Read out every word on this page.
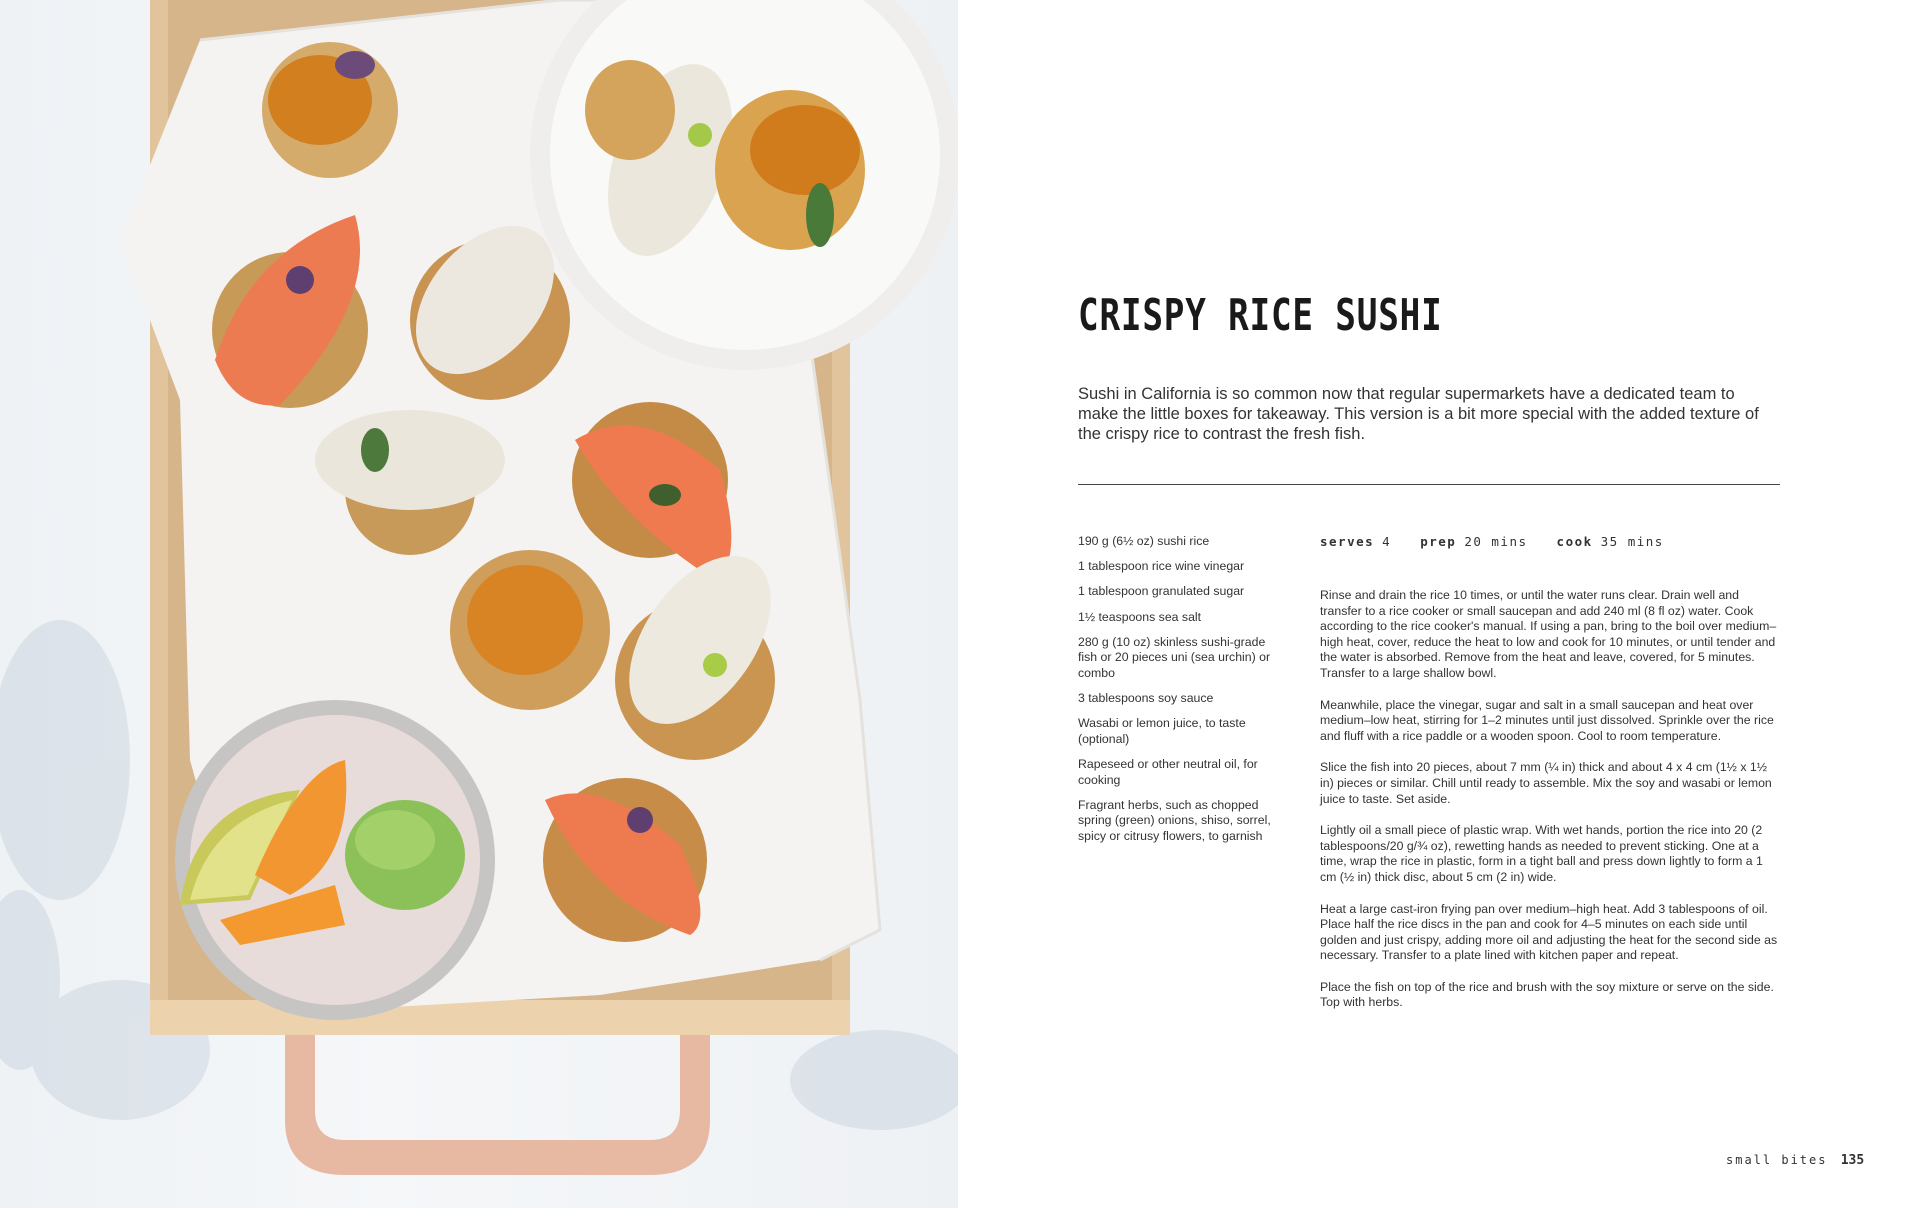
CRISPY RICE SUSHI

Sushi in California is so common now that regular supermarkets have a dedicated team to make the little boxes for takeaway. This version is a bit more special with the added texture of the crispy rice to contrast the fresh fish.

190 g (6½ oz) sushi rice
1 tablespoon rice wine vinegar
1 tablespoon granulated sugar
1½ teaspoons sea salt
280 g (10 oz) skinless sushi-grade fish or 20 pieces uni (sea urchin) or combo
3 tablespoons soy sauce
Wasabi or lemon juice, to taste (optional)
Rapeseed or other neutral oil, for cooking
Fragrant herbs, such as chopped spring (green) onions, shiso, sorrel, spicy or citrusy flowers, to garnish
serves 4 prep 20 mins cook 35 mins

Rinse and drain the rice 10 times, or until the water runs clear. Drain well and transfer to a rice cooker or small saucepan and add 240 ml (8 fl oz) water. Cook according to the rice cooker's manual. If using a pan, bring to the boil over medium–high heat, cover, reduce the heat to low and cook for 10 minutes, or until tender and the water is absorbed. Remove from the heat and leave, covered, for 5 minutes. Transfer to a large shallow bowl.

Meanwhile, place the vinegar, sugar and salt in a small saucepan and heat over medium–low heat, stirring for 1–2 minutes until just dissolved. Sprinkle over the rice and fluff with a rice paddle or a wooden spoon. Cool to room temperature.

Slice the fish into 20 pieces, about 7 mm (¼ in) thick and about 4 x 4 cm (1½ x 1½ in) pieces or similar. Chill until ready to assemble. Mix the soy and wasabi or lemon juice to taste. Set aside.

Lightly oil a small piece of plastic wrap. With wet hands, portion the rice into 20 (2 tablespoons/20 g/¾ oz), rewetting hands as needed to prevent sticking. One at a time, wrap the rice in plastic, form in a tight ball and press down lightly to form a 1 cm (½ in) thick disc, about 5 cm (2 in) wide.

Heat a large cast-iron frying pan over medium–high heat. Add 3 tablespoons of oil. Place half the rice discs in the pan and cook for 4–5 minutes on each side until golden and just crispy, adding more oil and adjusting the heat for the second side as necessary. Transfer to a plate lined with kitchen paper and repeat.

Place the fish on top of the rice and brush with the soy mixture or serve on the side. Top with herbs.

small bites 135
